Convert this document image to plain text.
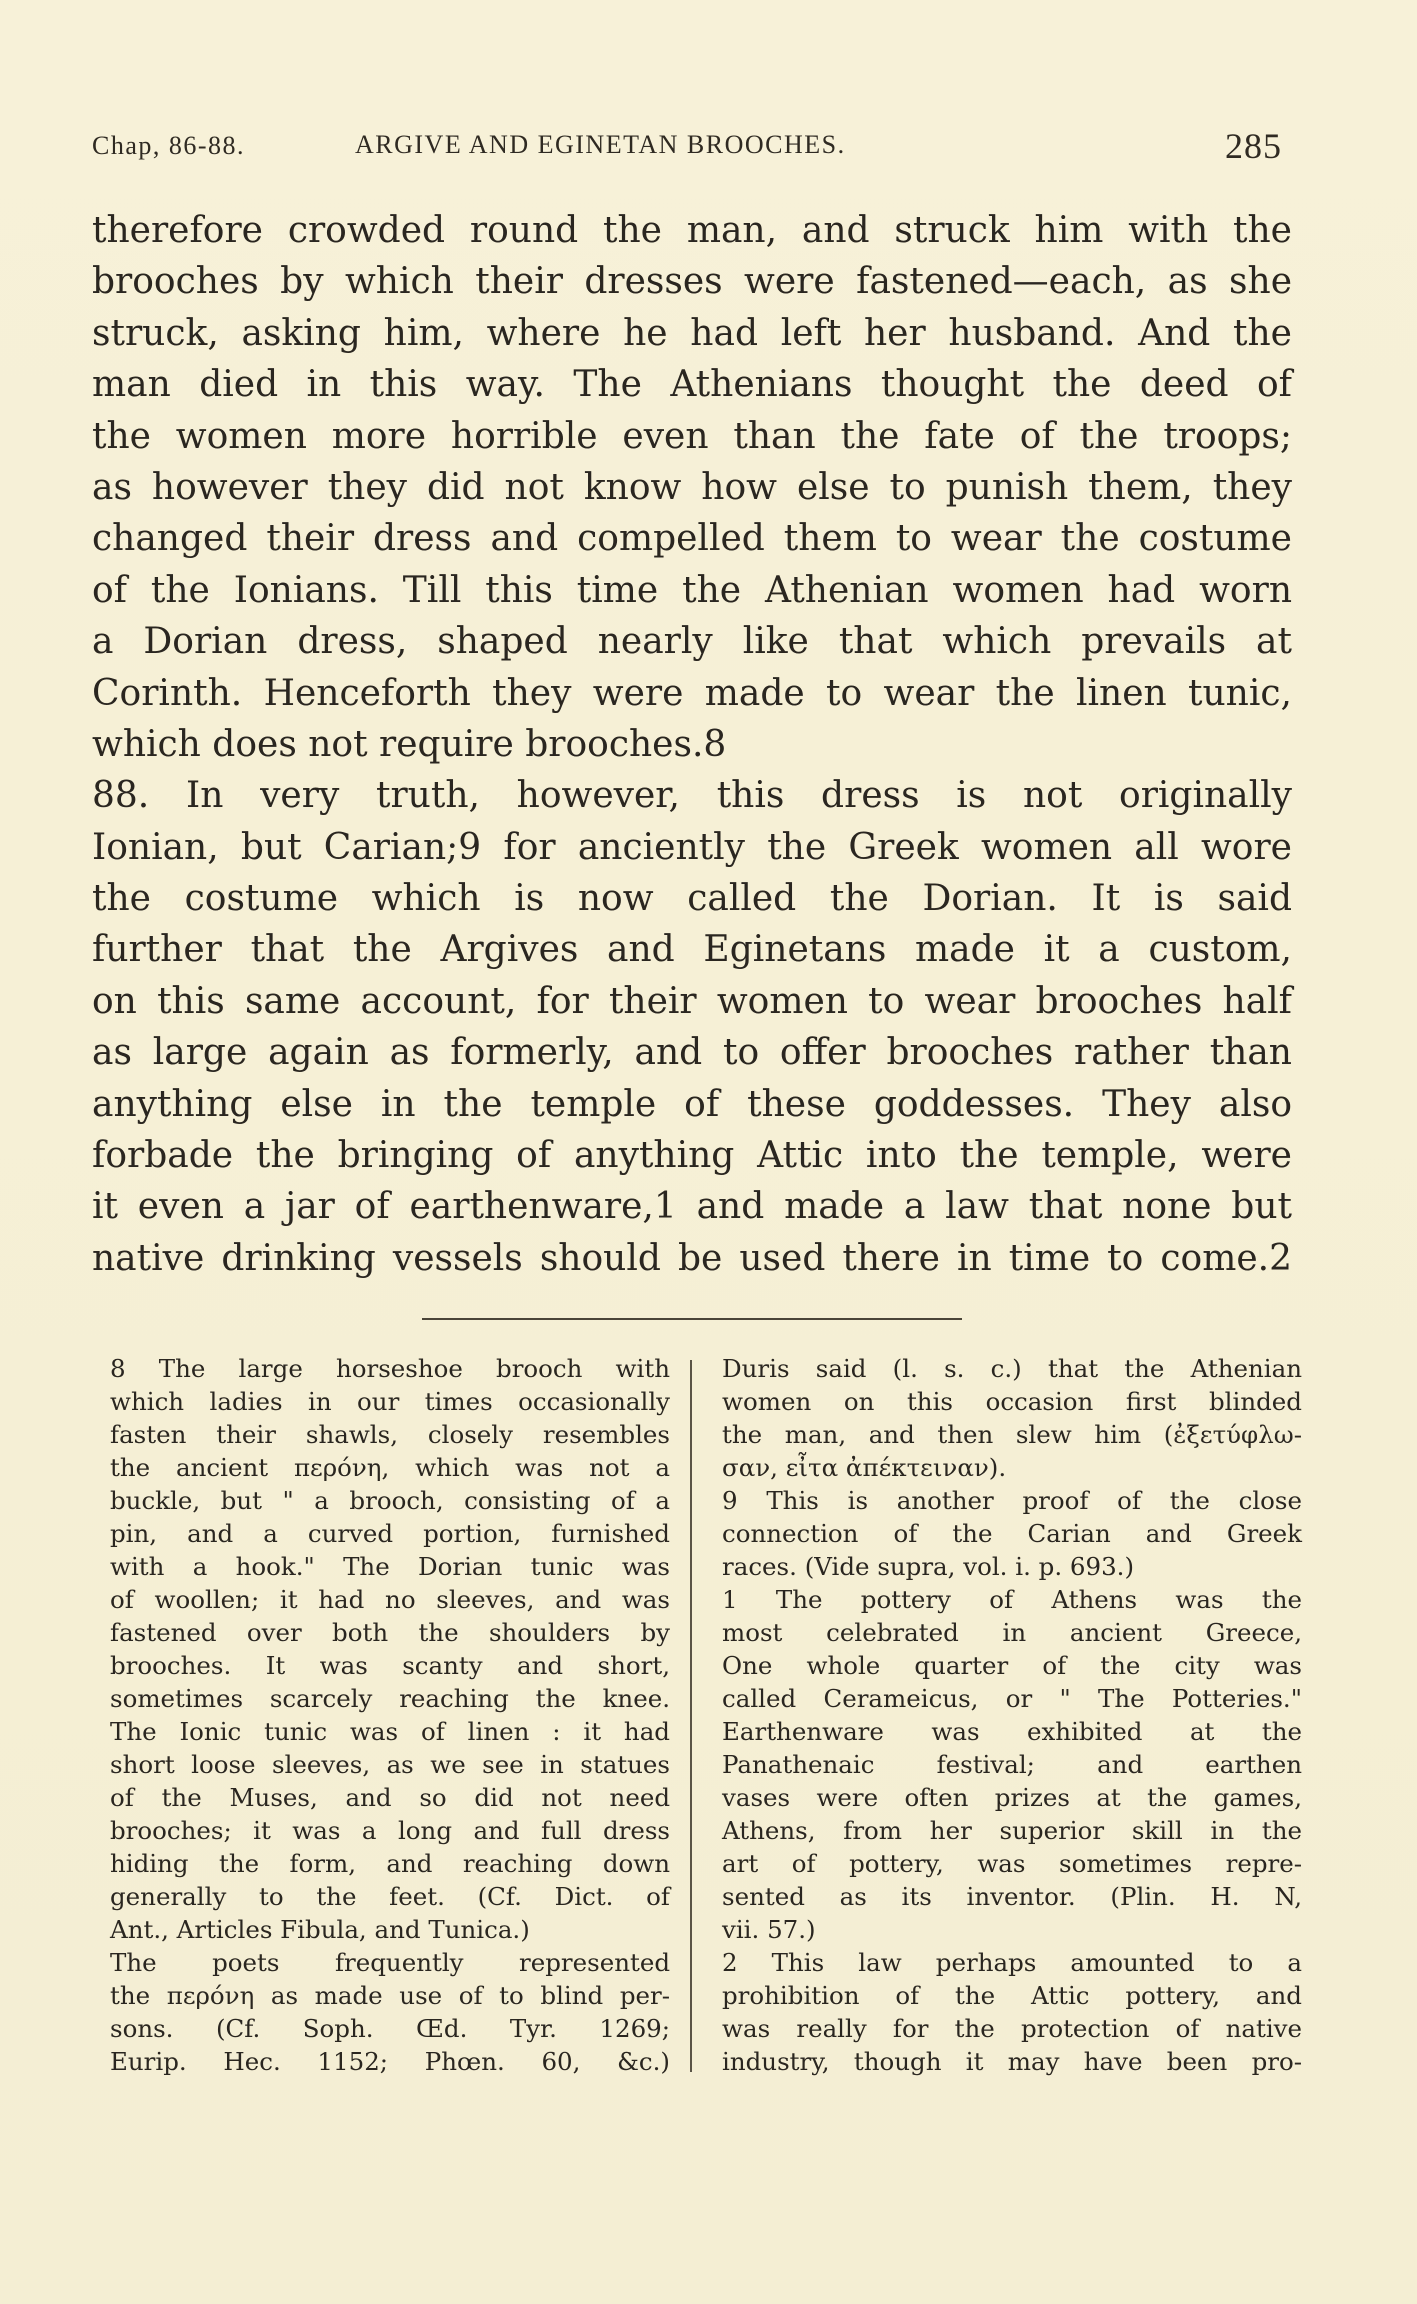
Chap, 86-88.	ARGIVE AND EGINETAN BROOCHES.	285
therefore crowded round the man, and struck him with the
brooches by which their dresses were fastened—each, as she
struck, asking him, where he had left her husband. And the
man died in this way. The Athenians thought the deed of
the women more horrible even than the fate of the troops;
as however they did not know how else to punish them, they
changed their dress and compelled them to wear the costume
of the Ionians. Till this time the Athenian women had worn
a Dorian dress, shaped nearly like that which prevails at
Corinth. Henceforth they were made to wear the linen tunic,
which does not require brooches.8
88. In very truth, however, this dress is not originally
Ionian, but Carian;9 for anciently the Greek women all wore
the costume which is now called the Dorian. It is said
further that the Argives and Eginetans made it a custom,
on this same account, for their women to wear brooches half
as large again as formerly, and to offer brooches rather than
anything else in the temple of these goddesses. They also
forbade the bringing of anything Attic into the temple, were
it even a jar of earthenware,1 and made a law that none but
native drinking vessels should be used there in time to come.2
8 The large horseshoe brooch with
which ladies in our times occasionally
fasten their shawls, closely resembles
the ancient περόνη, which was not a
buckle, but " a brooch, consisting of a
pin, and a curved portion, furnished
with a hook." The Dorian tunic was
of woollen; it had no sleeves, and was
fastened over both the shoulders by
brooches. It was scanty and short,
sometimes scarcely reaching the knee.
The Ionic tunic was of linen : it had
short loose sleeves, as we see in statues
of the Muses, and so did not need
brooches; it was a long and full dress
hiding the form, and reaching down
generally to the feet. (Cf. Dict. of
Ant., Articles Fibula, and Tunica.)
The poets frequently represented
the περόνη as made use of to blind per-
sons. (Cf. Soph. Œd. Tyr. 1269;
Eurip. Hec. 1152; Phœn. 60, &c.)
Duris said (l. s. c.) that the Athenian
women on this occasion first blinded
the man, and then slew him (ἐξετύφλω-
σαν, εἶτα ἀπέκτειναν).
9 This is another proof of the close
connection of the Carian and Greek
races. (Vide supra, vol. i. p. 693.)
1 The pottery of Athens was the
most celebrated in ancient Greece,
One whole quarter of the city was
called Cerameicus, or " The Potteries."
Earthenware was exhibited at the
Panathenaic festival; and earthen
vases were often prizes at the games,
Athens, from her superior skill in the
art of pottery, was sometimes repre-
sented as its inventor. (Plin. H. N,
vii. 57.)
2 This law perhaps amounted to a
prohibition of the Attic pottery, and
was really for the protection of native
industry, though it may have been pro-
